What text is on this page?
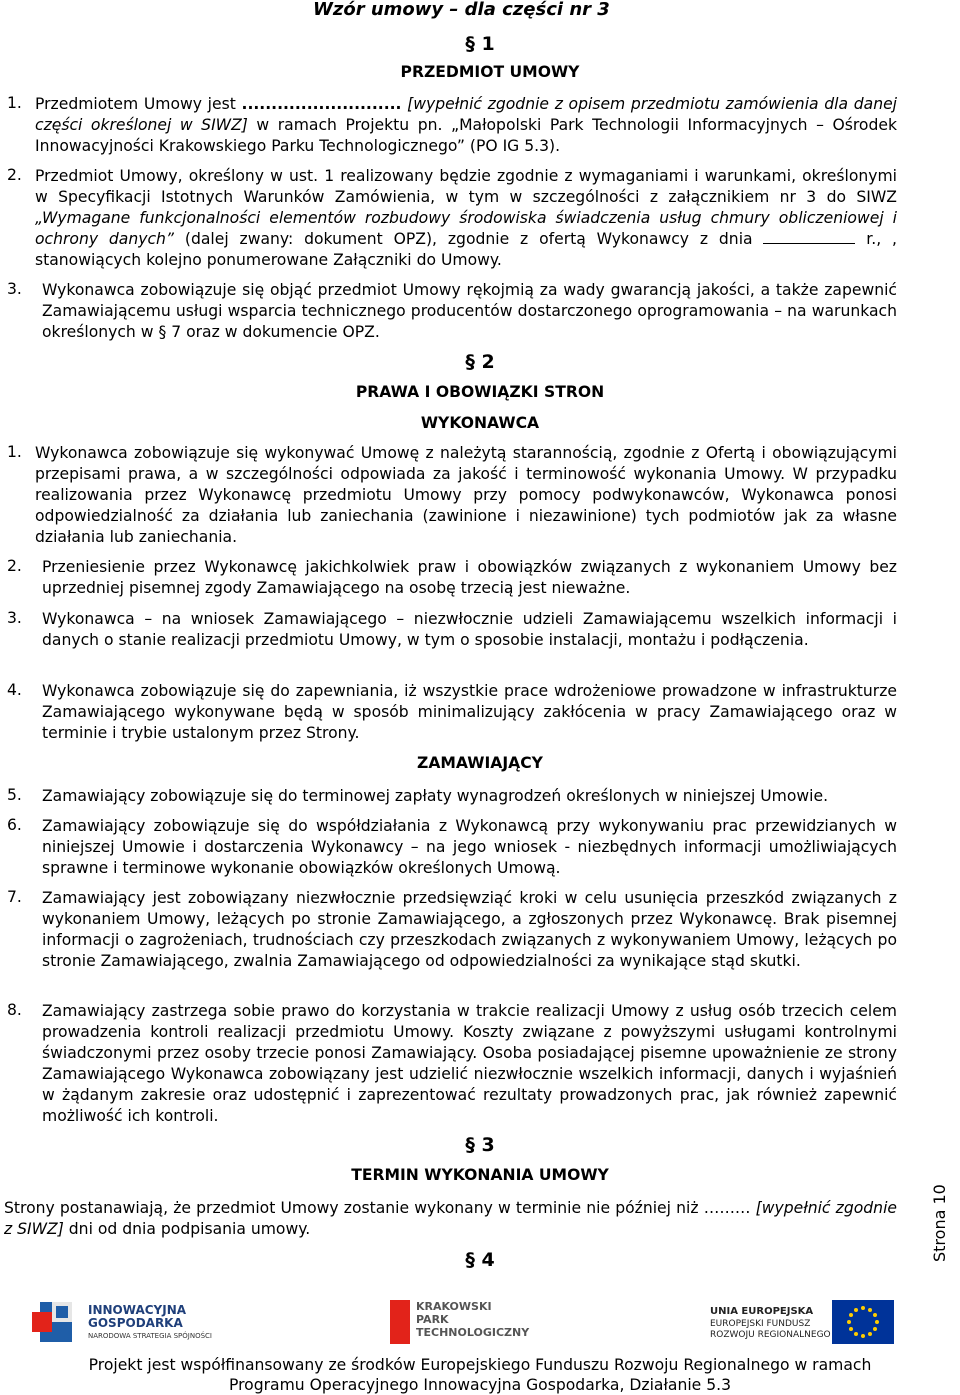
Wzór umowy – dla części nr 3
§ 1
PRZEDMIOT UMOWY
1. Przedmiotem Umowy jest ........................... [wypełnić zgodnie z opisem przedmiotu zamówienia dla danej części określonej w SIWZ] w ramach Projektu pn. „Małopolski Park Technologii Informacyjnych – Ośrodek Innowacyjności Krakowskiego Parku Technologicznego” (PO IG 5.3).
2. Przedmiot Umowy, określony w ust. 1 realizowany będzie zgodnie z wymaganiami i warunkami, określonymi w Specyfikacji Istotnych Warunków Zamówienia, w tym w szczególności z załącznikiem nr 3 do SIWZ „Wymagane funkcjonalności elementów rozbudowy środowiska świadczenia usług chmury obliczeniowej i ochrony danych” (dalej zwany: dokument OPZ), zgodnie z ofertą Wykonawcy z dnia	r., , stanowiących kolejno ponumerowane Załączniki do Umowy.
3. Wykonawca zobowiązuje się objąć przedmiot Umowy rękojmią za wady gwarancją jakości, a także zapewnić Zamawiającemu usługi wsparcia technicznego producentów dostarczonego oprogramowania – na warunkach określonych w § 7 oraz w dokumencie OPZ.
§ 2
PRAWA I OBOWIĄZKI STRON
WYKONAWCA
1. Wykonawca zobowiązuje się wykonywać Umowę z należytą starannością, zgodnie z Ofertą i obowiązującymi przepisami prawa, a w szczególności odpowiada za jakość i terminowość wykonania Umowy. W przypadku realizowania przez Wykonawcę przedmiotu Umowy przy pomocy podwykonawców, Wykonawca ponosi odpowiedzialność za działania lub zaniechania (zawinione i niezawinione) tych podmiotów jak za własne działania lub zaniechania.
2. Przeniesienie przez Wykonawcę jakichkolwiek praw i obowiązków związanych z wykonaniem Umowy bez uprzedniej pisemnej zgody Zamawiającego na osobę trzecią jest nieważne.
3. Wykonawca – na wniosek Zamawiającego – niezwłocznie udzieli Zamawiającemu wszelkich informacji i danych o stanie realizacji przedmiotu Umowy, w tym o sposobie instalacji, montażu i podłączenia.
4. Wykonawca zobowiązuje się do zapewniania, iż wszystkie prace wdrożeniowe prowadzone w infrastrukturze Zamawiającego wykonywane będą w sposób minimalizujący zakłócenia w pracy Zamawiającego oraz w terminie i trybie ustalonym przez Strony.
ZAMAWIAJĄCY
5. Zamawiający zobowiązuje się do terminowej zapłaty wynagrodzeń określonych w niniejszej Umowie.
6. Zamawiający zobowiązuje się do współdziałania z Wykonawcą przy wykonywaniu prac przewidzianych w niniejszej Umowie i dostarczenia Wykonawcy – na jego wniosek - niezbędnych informacji umożliwiających sprawne i terminowe wykonanie obowiązków określonych Umową.
7. Zamawiający jest zobowiązany niezwłocznie przedsięwziąć kroki w celu usunięcia przeszkód związanych z wykonaniem Umowy, leżących po stronie Zamawiającego, a zgłoszonych przez Wykonawcę. Brak pisemnej informacji o zagrożeniach, trudnościach czy przeszkodach związanych z wykonywaniem Umowy, leżących po stronie Zamawiającego, zwalnia Zamawiającego od odpowiedzialności za wynikające stąd skutki.
8. Zamawiający zastrzega sobie prawo do korzystania w trakcie realizacji Umowy z usług osób trzecich celem prowadzenia kontroli realizacji przedmiotu Umowy. Koszty związane z powyższymi usługami kontrolnymi świadczonymi przez osoby trzecie ponosi Zamawiający. Osoba posiadającej pisemne upoważnienie ze strony Zamawiającego Wykonawca zobowiązany jest udzielić niezwłocznie wszelkich informacji, danych i wyjaśnień w żądanym zakresie oraz udostępnić i zaprezentować rezultaty prowadzonych prac, jak również zapewnić możliwość ich kontroli.
§ 3
TERMIN WYKONANIA UMOWY
Strony postanawiają, że przedmiot Umowy zostanie wykonany w terminie nie później niż ……… [wypełnić zgodnie z SIWZ] dni od dnia podpisania umowy.
§ 4	Strona 10
INNOWACYJNA
GOSPODARKA
NARODOWA STRATEGIA SPÓJNOŚCI
KRAKOWSKI
PARK
TECHNOLOGICZNY
UNIA EUROPEJSKA
EUROPEJSKI FUNDUSZ
ROZWOJU REGIONALNEGO
Projekt jest współfinansowany ze środków Europejskiego Funduszu Rozwoju Regionalnego w ramach
Programu Operacyjnego Innowacyjna Gospodarka, Działanie 5.3
